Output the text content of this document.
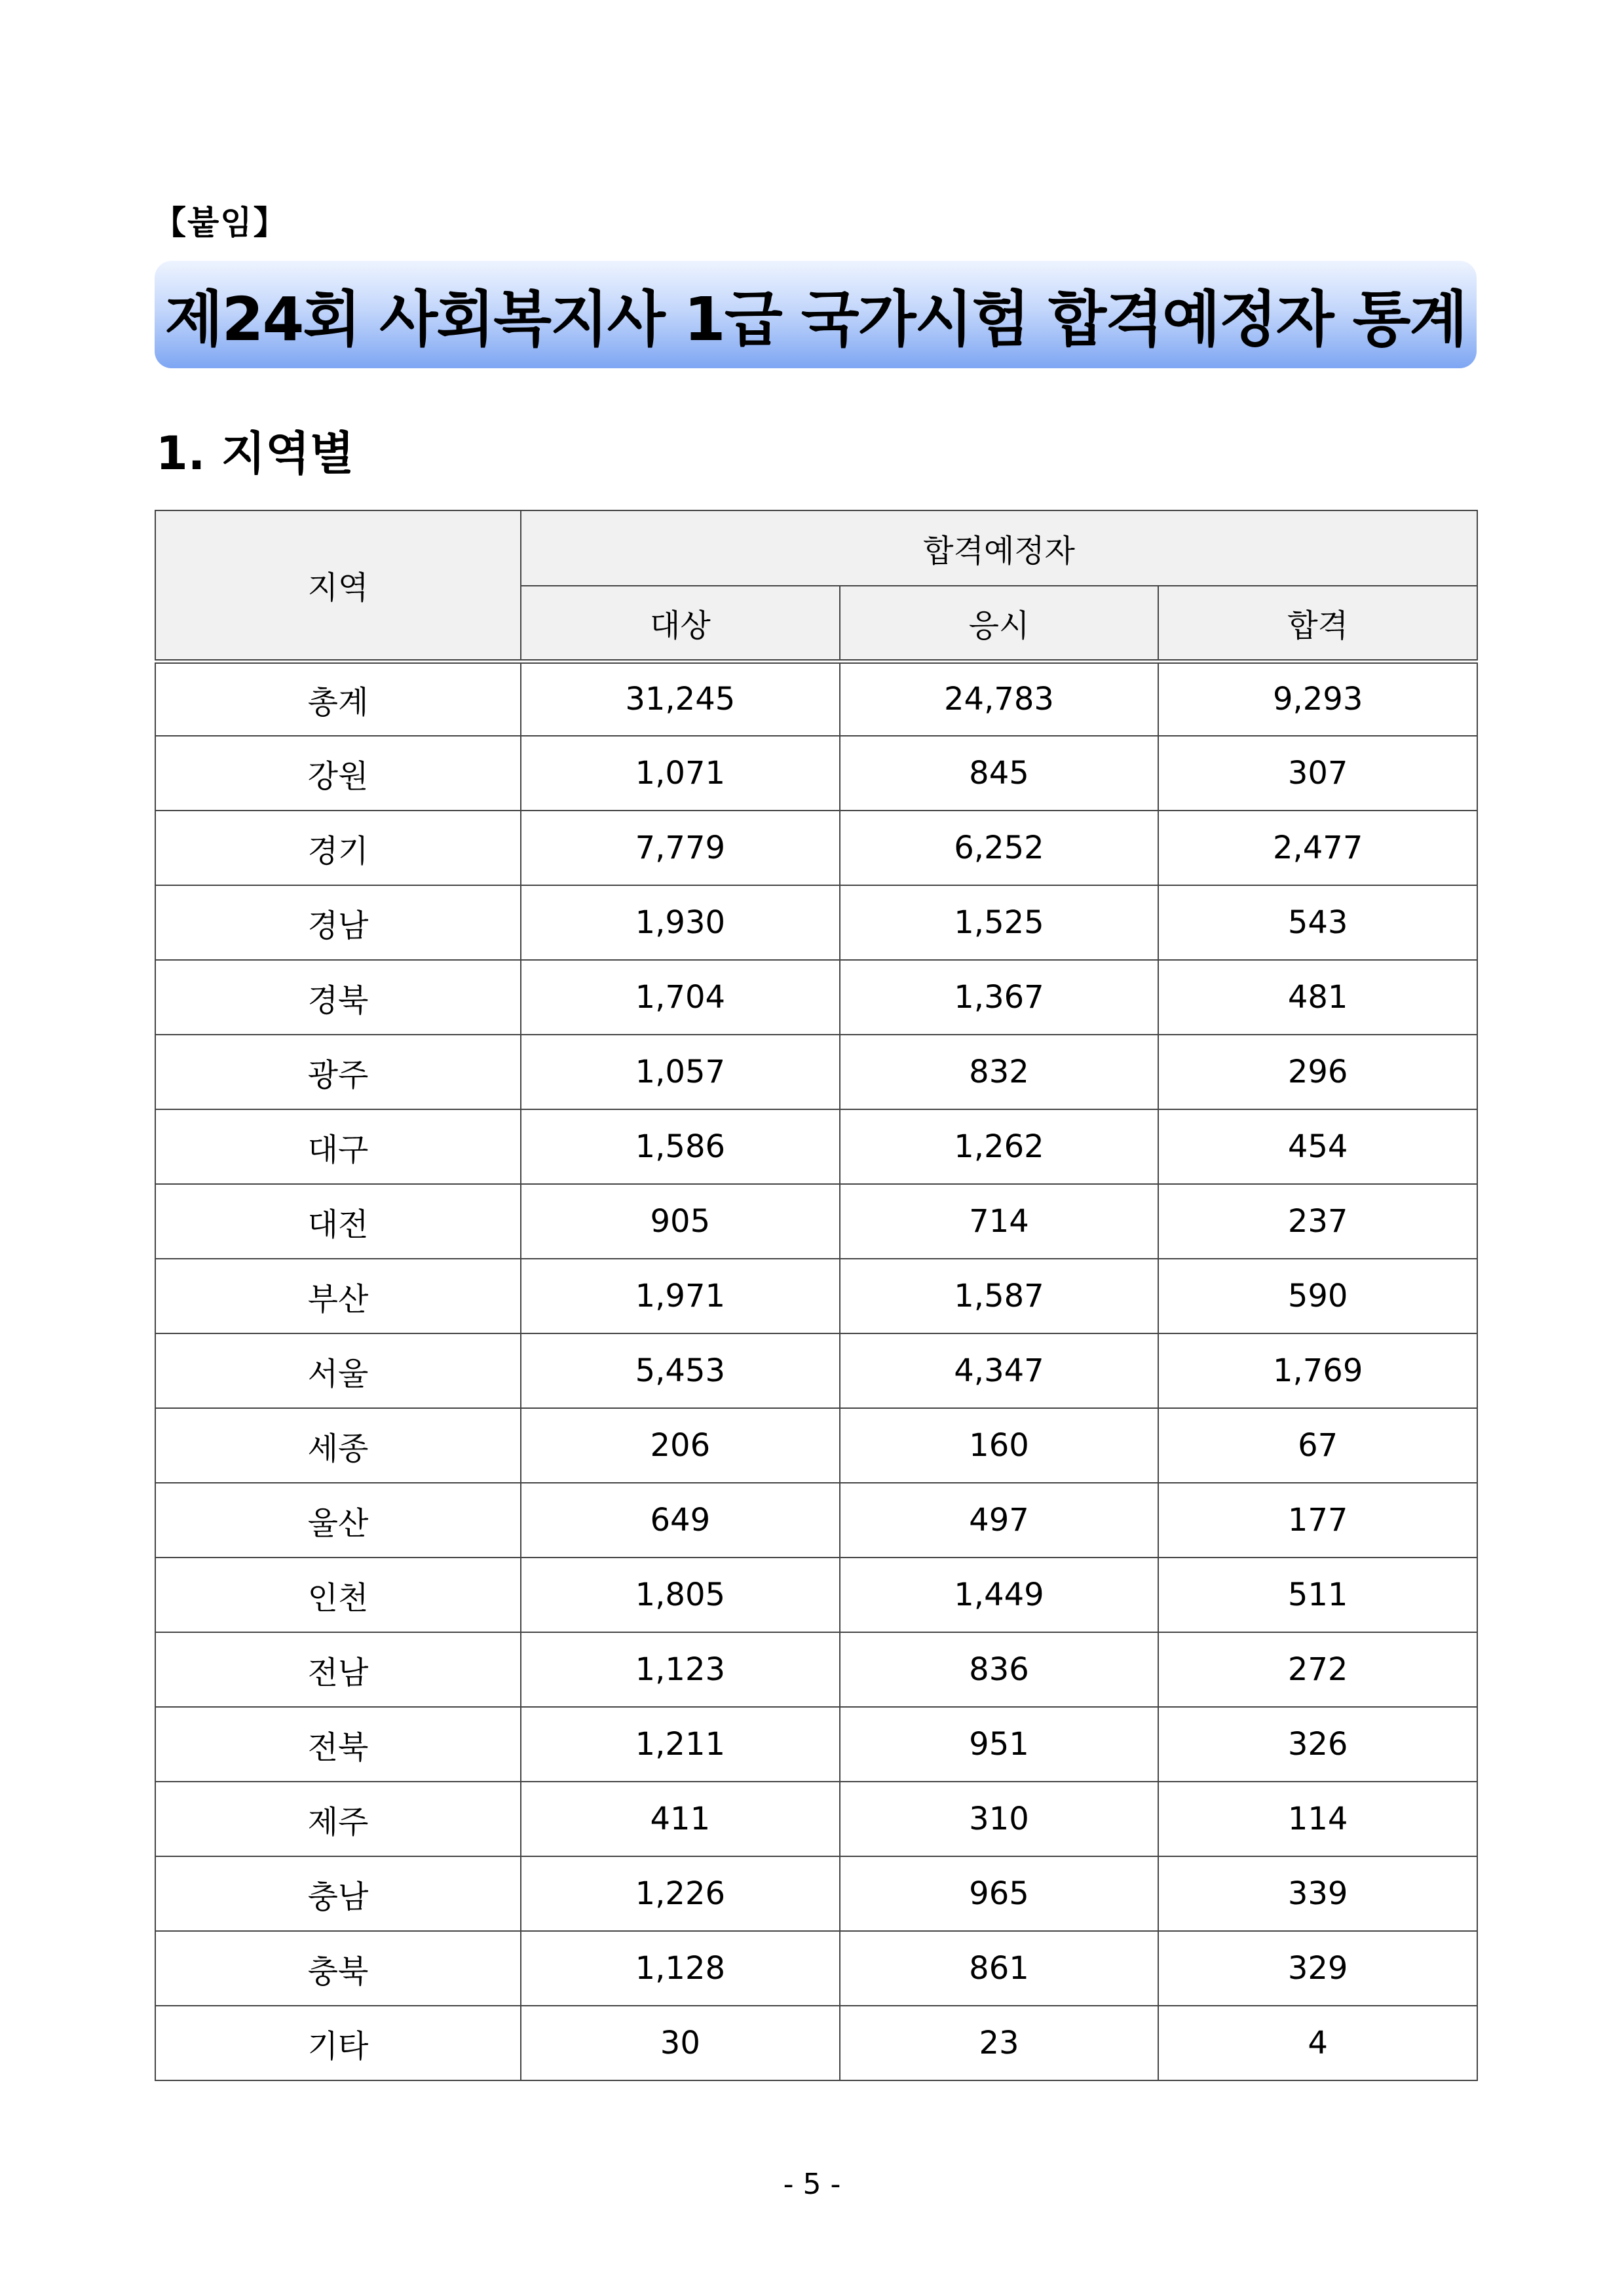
【붙임】
제24회 사회복지사 1급 국가시험 합격예정자 통계
1. 지역별
지역	합격예정자		
	대상	응시	합격
총계	31,245	24,783	9,293
강원	1,071	845	307
경기	7,779	6,252	2,477
경남	1,930	1,525	543
경북	1,704	1,367	481
광주	1,057	832	296
대구	1,586	1,262	454
대전	905	714	237
부산	1,971	1,587	590
서울	5,453	4,347	1,769
세종	206	160	67
울산	649	497	177
인천	1,805	1,449	511
전남	1,123	836	272
전북	1,211	951	326
제주	411	310	114
충남	1,226	965	339
충북	1,128	861	329
기타	30	23	4
- 5 -
